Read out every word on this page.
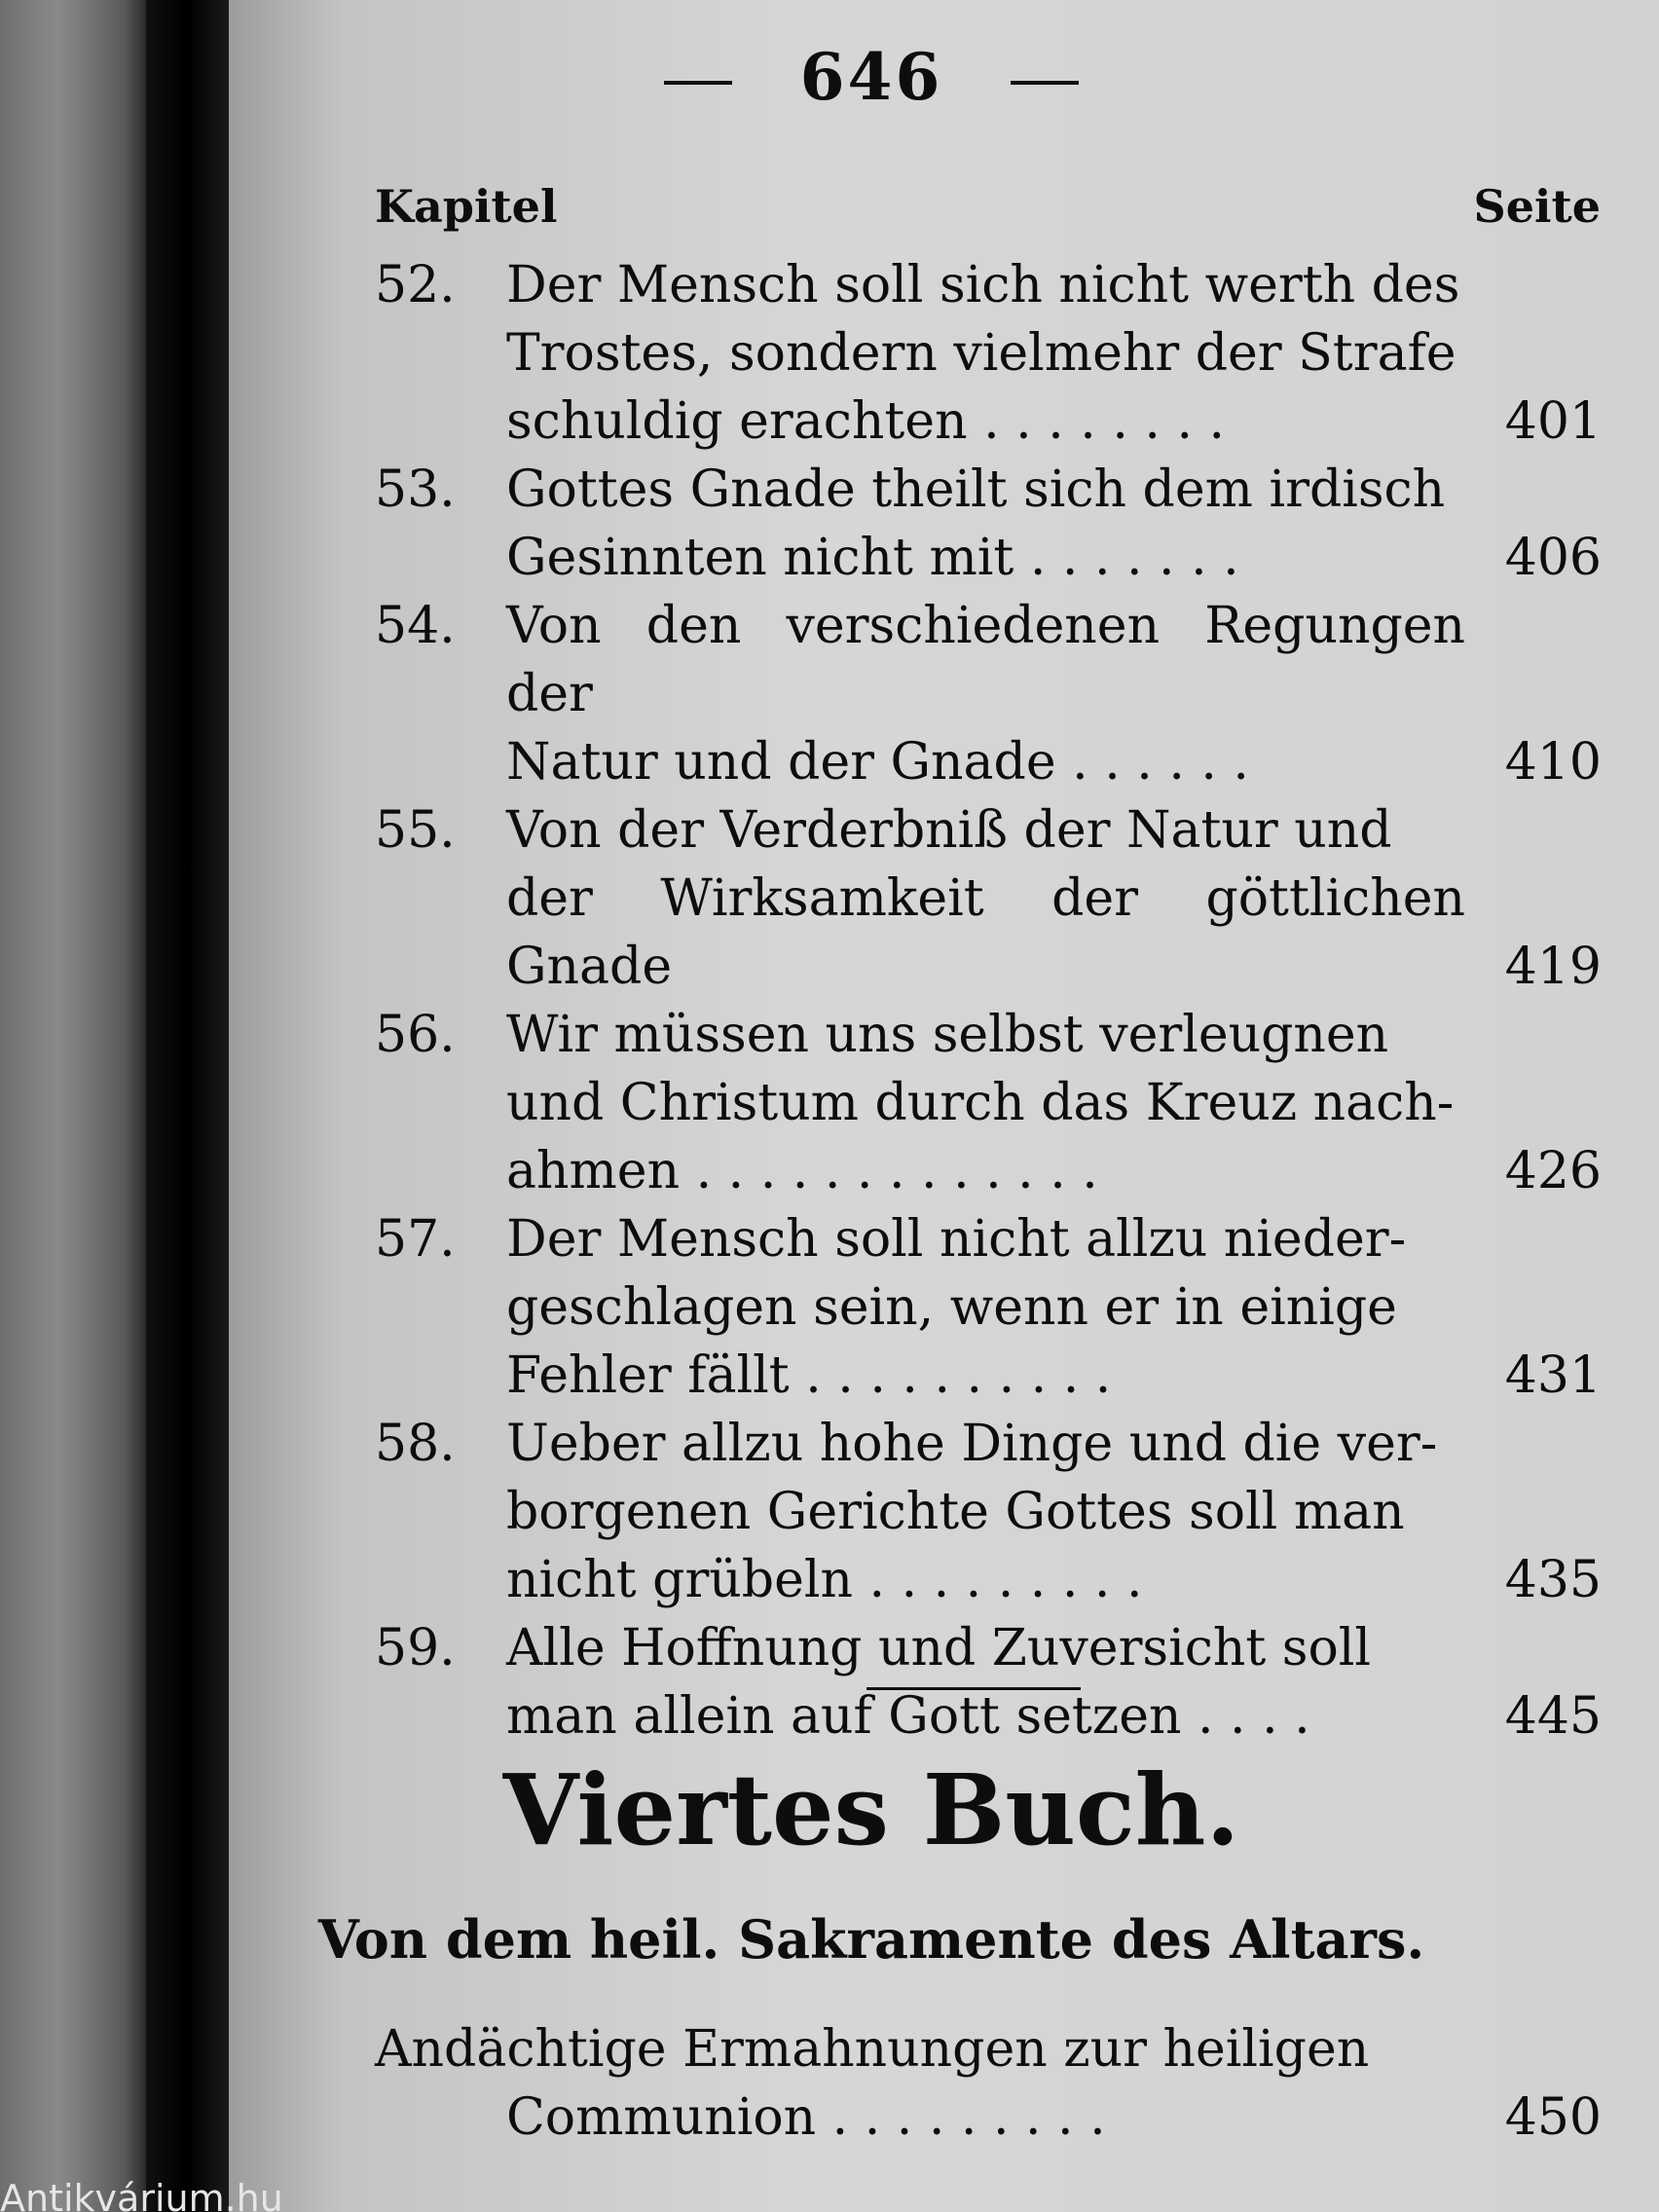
646
Kapitel	Seite
52.	Der Mensch soll sich nicht werth des
Trostes, sondern vielmehr der Strafe
schuldig erachten . . . . . . . .	401
53.	Gottes Gnade theilt sich dem irdisch
Gesinnten nicht mit . . . . . . .	406
54.	Von den verschiedenen Regungen der
Natur und der Gnade . . . . . .	410
55.	Von der Verderbniß der Natur und
der Wirksamkeit der göttlichen Gnade	419
56.	Wir müssen uns selbst verleugnen
und Christum durch das Kreuz nach-
ahmen . . . . . . . . . . . . .	426
57.	Der Mensch soll nicht allzu nieder-
geschlagen sein, wenn er in einige
Fehler fällt . . . . . . . . . .	431
58.	Ueber allzu hohe Dinge und die ver-
borgenen Gerichte Gottes soll man
nicht grübeln . . . . . . . . .	435
59.	Alle Hoffnung und Zuversicht soll
man allein auf Gott setzen . . . .	445
Viertes Buch.
Von dem heil. Sakramente des Altars.
Andächtige Ermahnungen zur heiligen
Communion . . . . . . . . .	450
Antikvárium.hu
